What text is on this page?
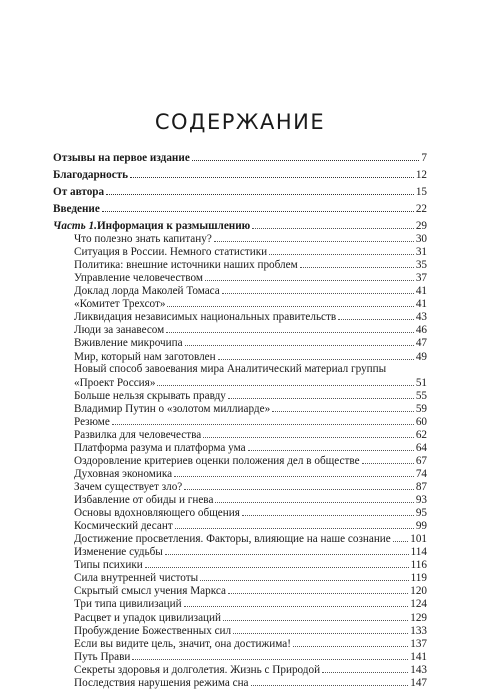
СОДЕРЖАНИЕ
Отзывы на первое издание	7
Благодарность	12
От автора	15
Введение	22
Часть 1. Информация к размышлению	29
Что полезно знать капитану?	30
Ситуация в России. Немного статистики	31
Политика: внешние источники наших проблем	35
Управление человечеством	37
Доклад лорда Маколей Томаса	41
«Комитет Трехсот»	41
Ликвидация независимых национальных правительств	43
Люди за занавесом	46
Вживление микрочипа	47
Мир, который нам заготовлен	49
Новый способ завоевания мира Аналитический материал группы
«Проект Россия»	51
Больше нельзя скрывать правду	55
Владимир Путин о «золотом миллиарде»	59
Резюме	60
Развилка для человечества	62
Платформа разума и платформа ума	64
Оздоровление критериев оценки положения дел в обществе	67
Духовная экономика	74
Зачем существует зло?	87
Избавление от обиды и гнева	93
Основы вдохновляющего общения	95
Космический десант	99
Достижение просветления. Факторы, влияющие на наше сознание 101
Изменение судьбы	114
Типы психики	116
Сила внутренней чистоты	119
Скрытый смысл учения Маркса	120
Три типа цивилизаций	124
Расцвет и упадок цивилизаций	129
Пробуждение Божественных сил	133
Если вы видите цель, значит, она достижима!	137
Путь Прави	141
Секреты здоровья и долголетия. Жизнь с Природой	143
Последствия нарушения режима сна	147
